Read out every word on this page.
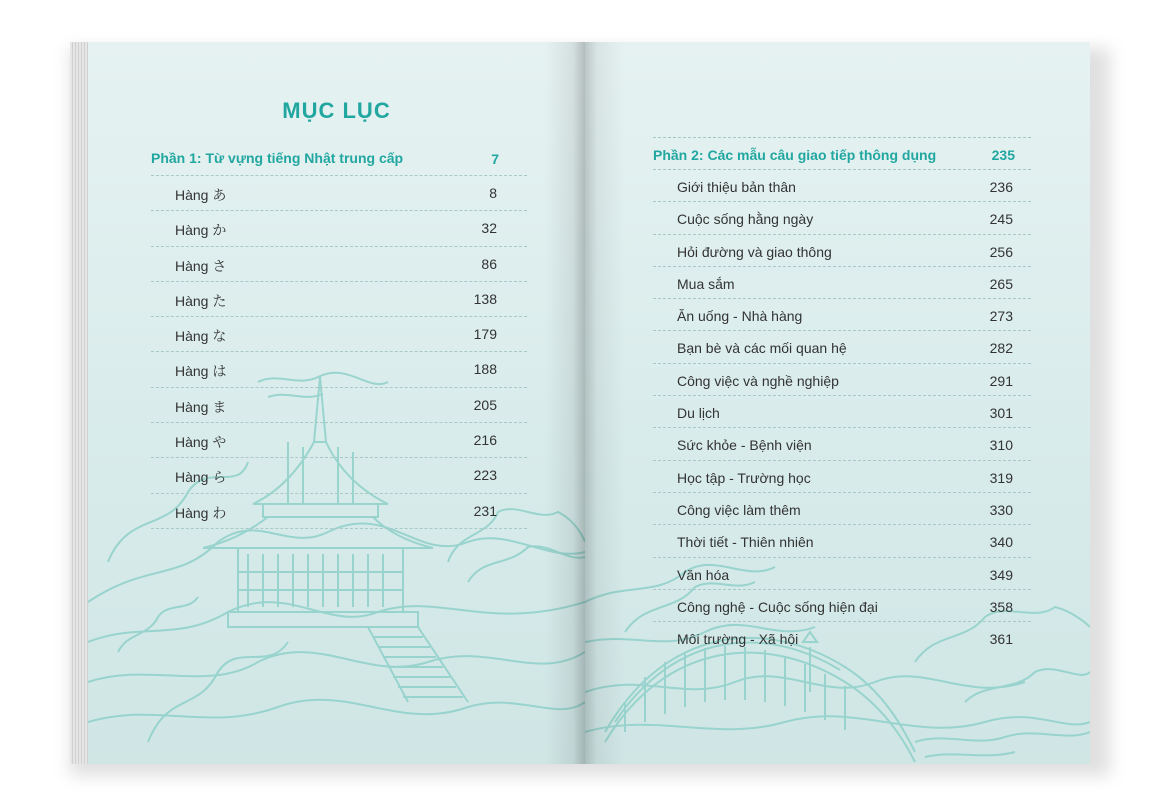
MỤC LỤC
Phần 1: Từ vựng tiếng Nhật trung cấp	7
Hàng あ	8
Hàng か	32
Hàng さ	86
Hàng た	138
Hàng な	179
Hàng は	188
Hàng ま	205
Hàng や	216
Hàng ら	223
Hàng わ	231
Phần 2: Các mẫu câu giao tiếp thông dụng	235
Giới thiệu bản thân	236
Cuộc sống hằng ngày	245
Hỏi đường và giao thông	256
Mua sắm	265
Ăn uống - Nhà hàng	273
Bạn bè và các mối quan hệ	282
Công việc và nghề nghiệp	291
Du lịch	301
Sức khỏe - Bệnh viện	310
Học tập - Trường học	319
Công việc làm thêm	330
Thời tiết - Thiên nhiên	340
Văn hóa	349
Công nghệ - Cuộc sống hiện đại	358
Môi trường - Xã hội	361
